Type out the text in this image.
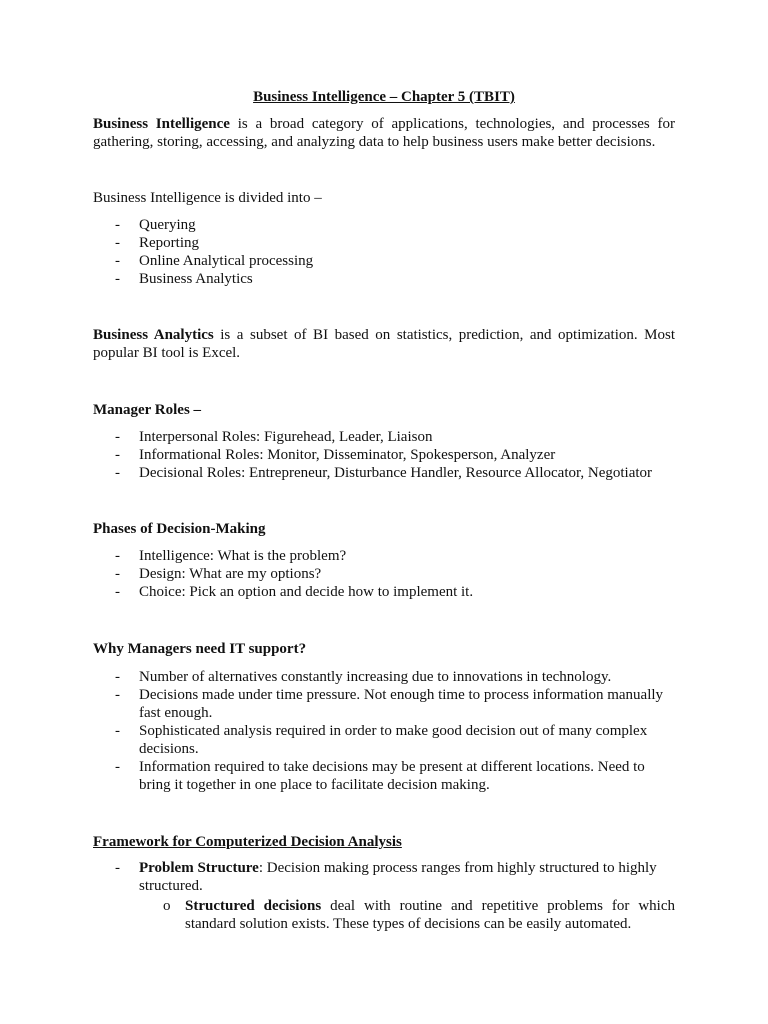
Business Intelligence – Chapter 5 (TBIT)

Business Intelligence is a broad category of applications, technologies, and processes for gathering, storing, accessing, and analyzing data to help business users make better decisions.

Business Intelligence is divided into –

- Querying
- Reporting
- Online Analytical processing
- Business Analytics

Business Analytics is a subset of BI based on statistics, prediction, and optimization. Most popular BI tool is Excel.

Manager Roles –

- Interpersonal Roles: Figurehead, Leader, Liaison
- Informational Roles: Monitor, Disseminator, Spokesperson, Analyzer
- Decisional Roles: Entrepreneur, Disturbance Handler, Resource Allocator, Negotiator

Phases of Decision-Making

- Intelligence: What is the problem?
- Design: What are my options?
- Choice: Pick an option and decide how to implement it.

Why Managers need IT support?

- Number of alternatives constantly increasing due to innovations in technology.
- Decisions made under time pressure. Not enough time to process information manually fast enough.
- Sophisticated analysis required in order to make good decision out of many complex decisions.
- Information required to take decisions may be present at different locations. Need to bring it together in one place to facilitate decision making.

Framework for Computerized Decision Analysis

- Problem Structure: Decision making process ranges from highly structured to highly structured.
o Structured decisions deal with routine and repetitive problems for which standard solution exists. These types of decisions can be easily automated.
